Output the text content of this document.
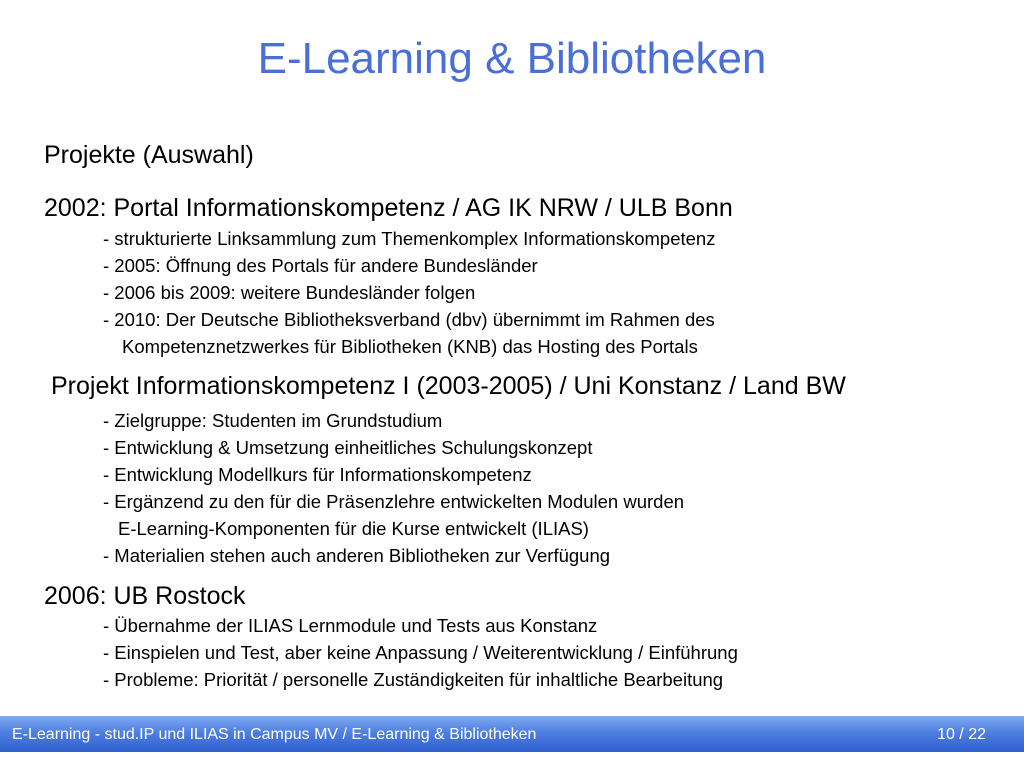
E-Learning & Bibliotheken
Projekte (Auswahl)
2002: Portal Informationskompetenz / AG IK NRW / ULB Bonn
- strukturierte Linksammlung zum Themenkomplex Informationskompetenz
- 2005: Öffnung des Portals für andere Bundesländer
- 2006 bis 2009: weitere Bundesländer folgen
- 2010: Der Deutsche Bibliotheksverband (dbv) übernimmt im Rahmen des
Kompetenznetzwerkes für Bibliotheken (KNB) das Hosting des Portals
Projekt Informationskompetenz I (2003-2005) / Uni Konstanz / Land BW
- Zielgruppe: Studenten im Grundstudium
- Entwicklung & Umsetzung einheitliches Schulungskonzept
- Entwicklung Modellkurs für Informationskompetenz
- Ergänzend zu den für die Präsenzlehre entwickelten Modulen wurden
E-Learning-Komponenten für die Kurse entwickelt (ILIAS)
- Materialien stehen auch anderen Bibliotheken zur Verfügung
2006: UB Rostock
- Übernahme der ILIAS Lernmodule und Tests aus Konstanz
- Einspielen und Test, aber keine Anpassung / Weiterentwicklung / Einführung
- Probleme: Priorität / personelle Zuständigkeiten für inhaltliche Bearbeitung
E-Learning - stud.IP und ILIAS in Campus MV / E-Learning & Bibliotheken	10 / 22
